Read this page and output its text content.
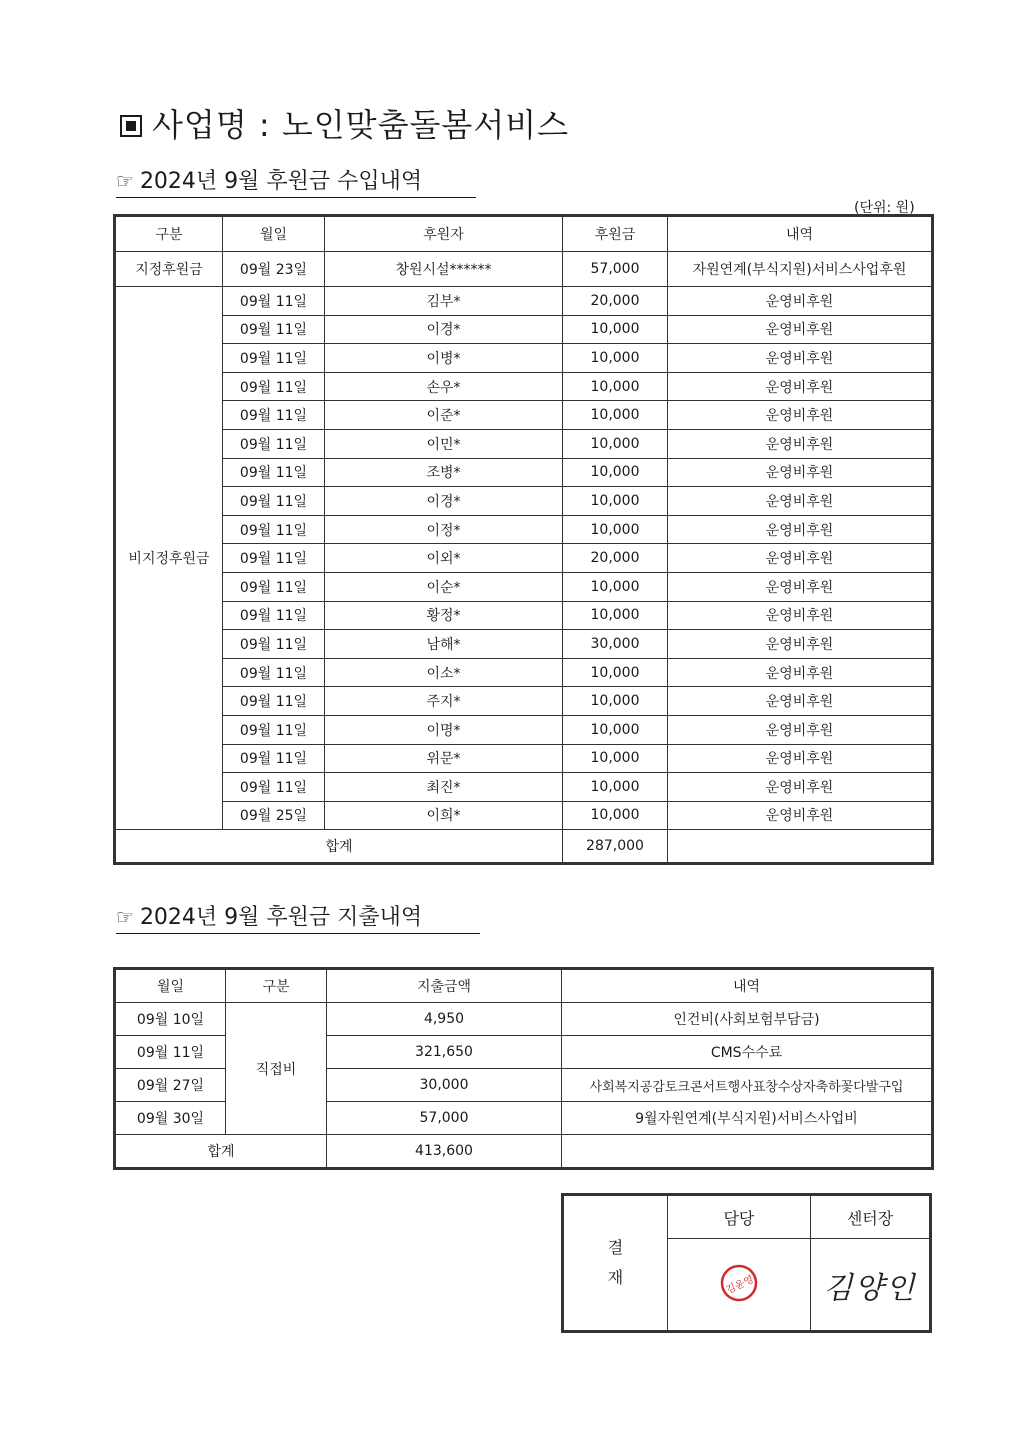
사업명 : 노인맞춤돌봄서비스
☞ 2024년 9월 후원금 수입내역
(단위: 원)
구분	월일	후원자	후원금	내역
지정후원금	09월 23일	창원시설******	57,000	자원연계(부식지원)서비스사업후원
비지정후원금	09월 11일	김부*	20,000	운영비후원
	09월 11일	이경*	10,000	운영비후원
	09월 11일	이병*	10,000	운영비후원
	09월 11일	손우*	10,000	운영비후원
	09월 11일	이준*	10,000	운영비후원
	09월 11일	이민*	10,000	운영비후원
	09월 11일	조병*	10,000	운영비후원
	09월 11일	이경*	10,000	운영비후원
	09월 11일	이정*	10,000	운영비후원
	09월 11일	이외*	20,000	운영비후원
	09월 11일	이순*	10,000	운영비후원
	09월 11일	황정*	10,000	운영비후원
	09월 11일	남해*	30,000	운영비후원
	09월 11일	이소*	10,000	운영비후원
	09월 11일	주지*	10,000	운영비후원
	09월 11일	이명*	10,000	운영비후원
	09월 11일	위문*	10,000	운영비후원
	09월 11일	최진*	10,000	운영비후원
	09월 25일	이희*	10,000	운영비후원
합계			287,000	
☞ 2024년 9월 후원금 지출내역
월일	구분	지출금액	내역
09월 10일	직접비	4,950	인건비(사회보험부담금)
09월 11일		321,650	CMS수수료
09월 27일		30,000	사회복지공감토크콘서트행사표창수상자축하꽃다발구입
09월 30일		57,000	9월자원연계(부식지원)서비스사업비
합계		413,600	
결
재	담당	센터장

김윤영	김양인
